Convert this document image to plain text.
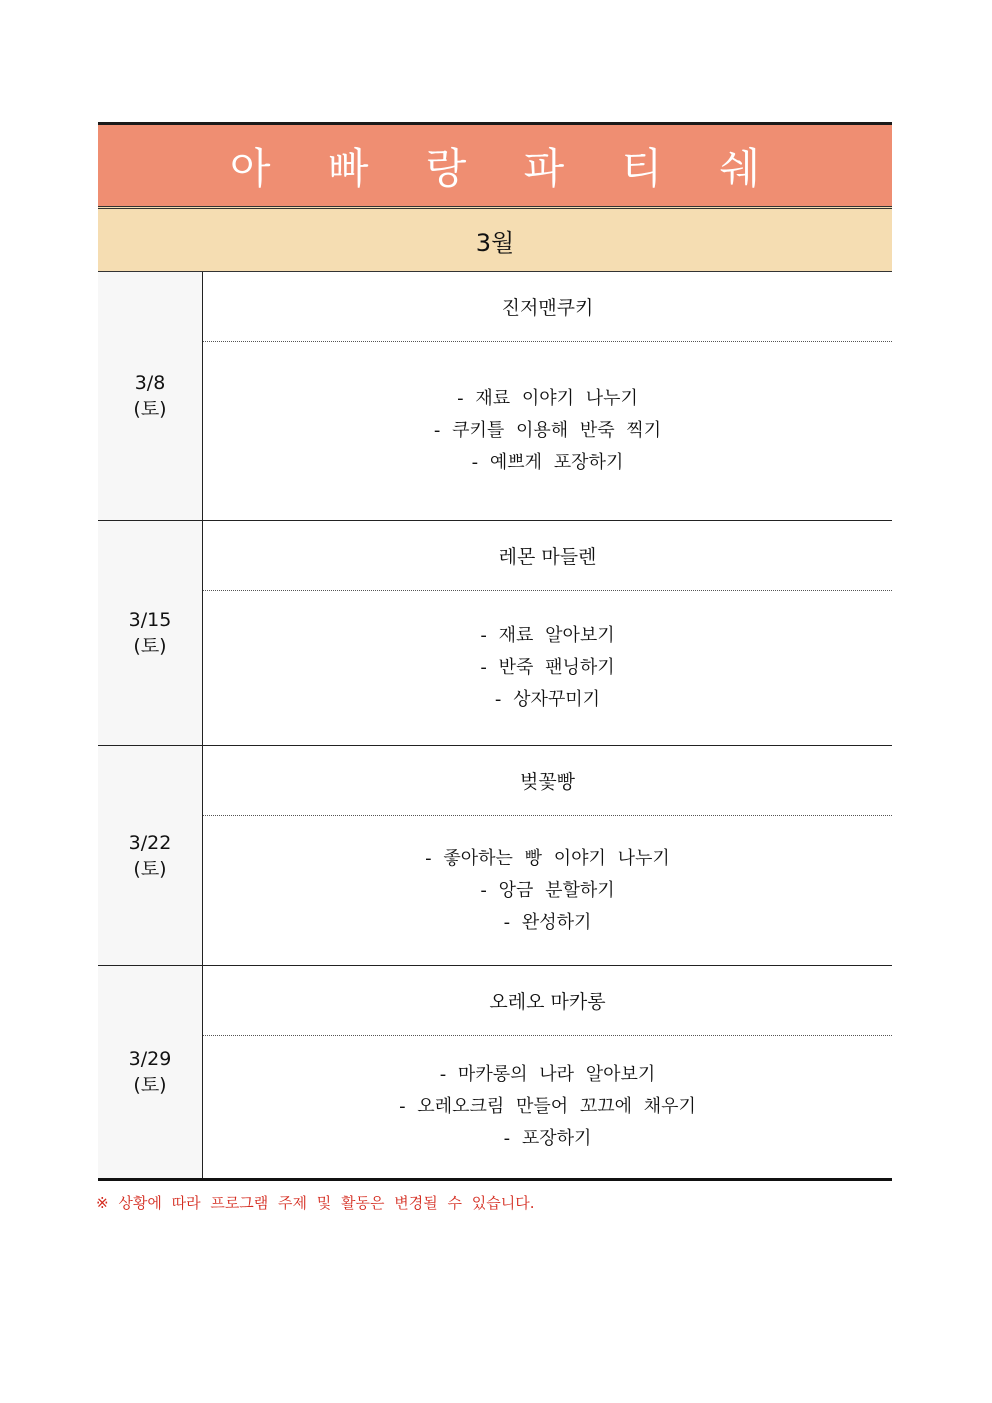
아 빠 랑 파 티 쉐
3월
3/8
(토)
진저맨쿠키
- 재료 이야기 나누기
- 쿠키틀 이용해 반죽 찍기
- 예쁘게 포장하기
3/15
(토)
레몬 마들렌
- 재료 알아보기
- 반죽 팬닝하기
- 상자꾸미기
3/22
(토)
벚꽃빵
- 좋아하는 빵 이야기 나누기
- 앙금 분할하기
- 완성하기
3/29
(토)
오레오 마카롱
- 마카롱의 나라 알아보기
- 오레오크림 만들어 꼬끄에 채우기
- 포장하기
※ 상황에 따라 프로그램 주제 및 활동은 변경될 수 있습니다.
